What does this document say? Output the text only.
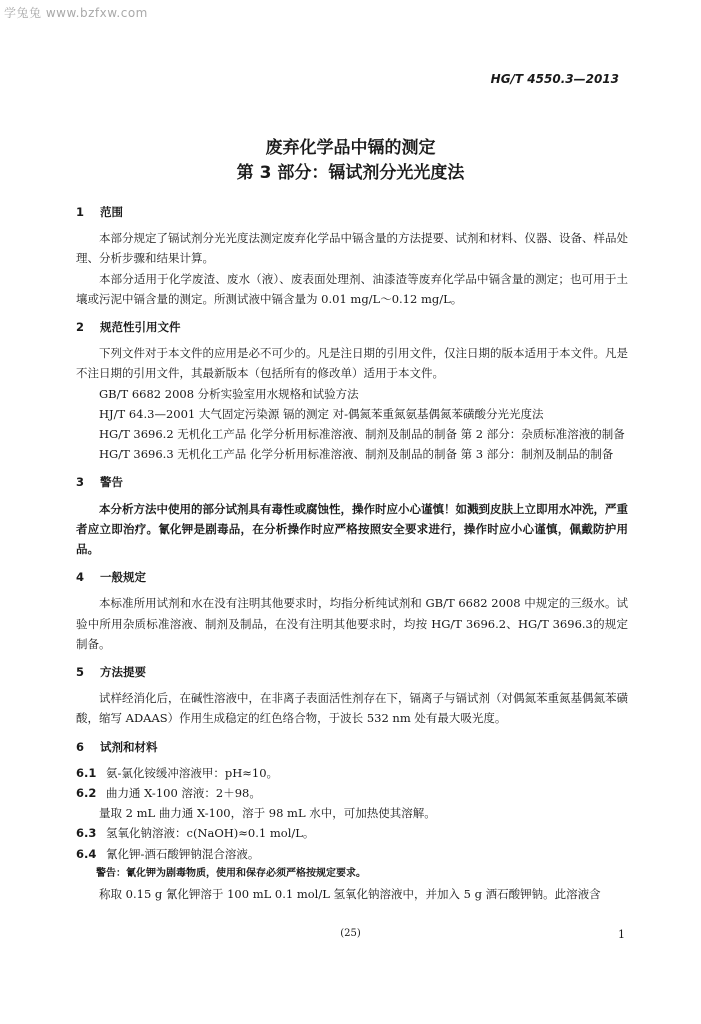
学兔兔 www.bzfxw.com
HG/T 4550.3—2013
废弃化学品中镉的测定
第 3 部分：镉试剂分光光度法
1 范围

本部分规定了镉试剂分光光度法测定废弃化学品中镉含量的方法提要、试剂和材料、仪器、设备、样品处理、分析步骤和结果计算。

本部分适用于化学废渣、废水（液）、废表面处理剂、油漆渣等废弃化学品中镉含量的测定；也可用于土壤或污泥中镉含量的测定。所测试液中镉含量为 0.01 mg/L～0.12 mg/L。

2 规范性引用文件

下列文件对于本文件的应用是必不可少的。凡是注日期的引用文件，仅注日期的版本适用于本文件。凡是不注日期的引用文件，其最新版本（包括所有的修改单）适用于本文件。

GB/T 6682 2008 分析实验室用水规格和试验方法

HJ/T 64.3—2001 大气固定污染源 镉的测定 对-偶氮苯重氮氨基偶氮苯磺酸分光光度法

HG/T 3696.2 无机化工产品 化学分析用标准溶液、制剂及制品的制备 第 2 部分：杂质标准溶液的制备

HG/T 3696.3 无机化工产品 化学分析用标准溶液、制剂及制品的制备 第 3 部分：制剂及制品的制备

3 警告

本分析方法中使用的部分试剂具有毒性或腐蚀性，操作时应小心谨慎！如溅到皮肤上立即用水冲洗，严重者应立即治疗。氰化钾是剧毒品，在分析操作时应严格按照安全要求进行，操作时应小心谨慎，佩戴防护用品。

4 一般规定

本标准所用试剂和水在没有注明其他要求时，均指分析纯试剂和 GB/T 6682 2008 中规定的三级水。试验中所用杂质标准溶液、制剂及制品，在没有注明其他要求时，均按 HG/T 3696.2、HG/T 3696.3的规定制备。

5 方法提要

试样经消化后，在碱性溶液中，在非离子表面活性剂存在下，镉离子与镉试剂（对偶氮苯重氮基偶氮苯磺酸，缩写 ADAAS）作用生成稳定的红色络合物，于波长 532 nm 处有最大吸光度。

6 试剂和材料

6.1 氨-氯化铵缓冲溶液甲：pH≈10。

6.2 曲力通 X-100 溶液：2＋98。

量取 2 mL 曲力通 X-100，溶于 98 mL 水中，可加热使其溶解。

6.3 氢氧化钠溶液：c(NaOH)≈0.1 mol/L。

6.4 氰化钾-酒石酸钾钠混合溶液。

警告：氰化钾为剧毒物质，使用和保存必须严格按规定要求。

称取 0.15 g 氰化钾溶于 100 mL 0.1 mol/L 氢氧化钠溶液中，并加入 5 g 酒石酸钾钠。此溶液含

(25)	1
